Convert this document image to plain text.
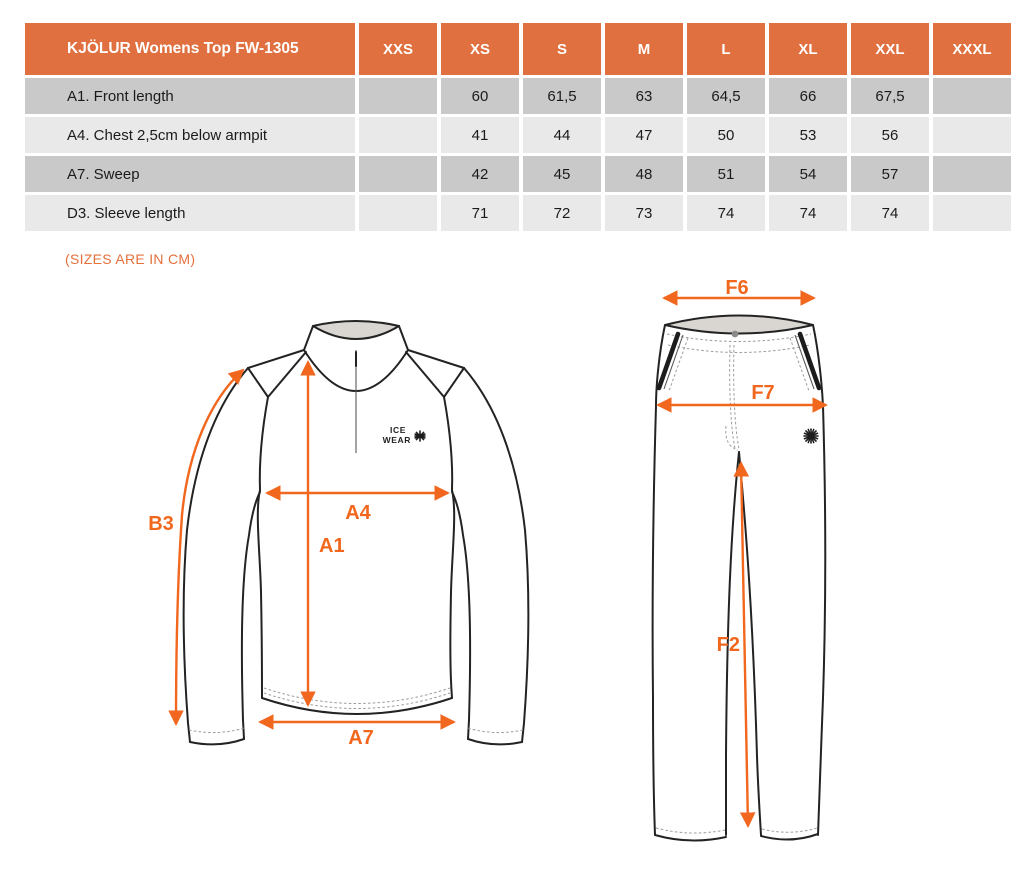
KJÖLUR Womens Top FW-1305	XXS	XS	S	M	L	XL	XXL	XXXL
A1. Front length		60	61,5	63	64,5	66	67,5	
A4. Chest 2,5cm below armpit		41	44	47	50	53	56	
A7. Sweep		42	45	48	51	54	57	
D3. Sleeve length		71	72	73	74	74	74	
(SIZES ARE IN CM)
ICE
WEAR
B3
A1
A4
A7
F6
F7
F2
